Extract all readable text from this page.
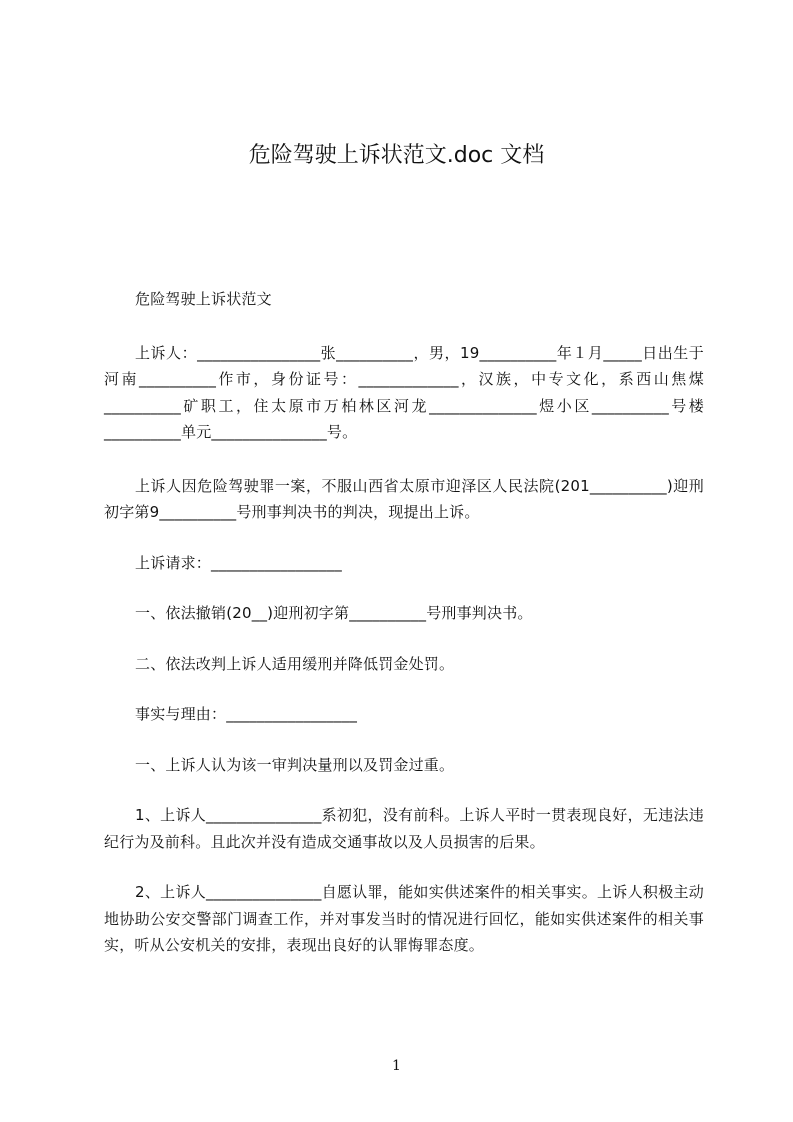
危险驾驶上诉状范文.doc 文档

危险驾驶上诉状范文

上诉人：________________张__________，男，19__________年１月_____日出生于河南__________作市，身份证号：_____________，汉族，中专文化，系西山焦煤__________矿职工，住太原市万柏林区河龙______________煜小区__________号楼__________单元_______________号。

上诉人因危险驾驶罪一案，不服山西省太原市迎泽区人民法院(201__________)迎刑初字第9__________号刑事判决书的判决，现提出上诉。

上诉请求：_________________

一、依法撤销(20__)迎刑初字第__________号刑事判决书。

二、依法改判上诉人适用缓刑并降低罚金处罚。

事实与理由：_________________

一、上诉人认为该一审判决量刑以及罚金过重。

1、上诉人_______________系初犯，没有前科。上诉人平时一贯表现良好，无违法违纪行为及前科。且此次并没有造成交通事故以及人员损害的后果。

2、上诉人_______________自愿认罪，能如实供述案件的相关事实。上诉人积极主动地协助公安交警部门调查工作，并对事发当时的情况进行回忆，能如实供述案件的相关事实，听从公安机关的安排，表现出良好的认罪悔罪态度。

1
